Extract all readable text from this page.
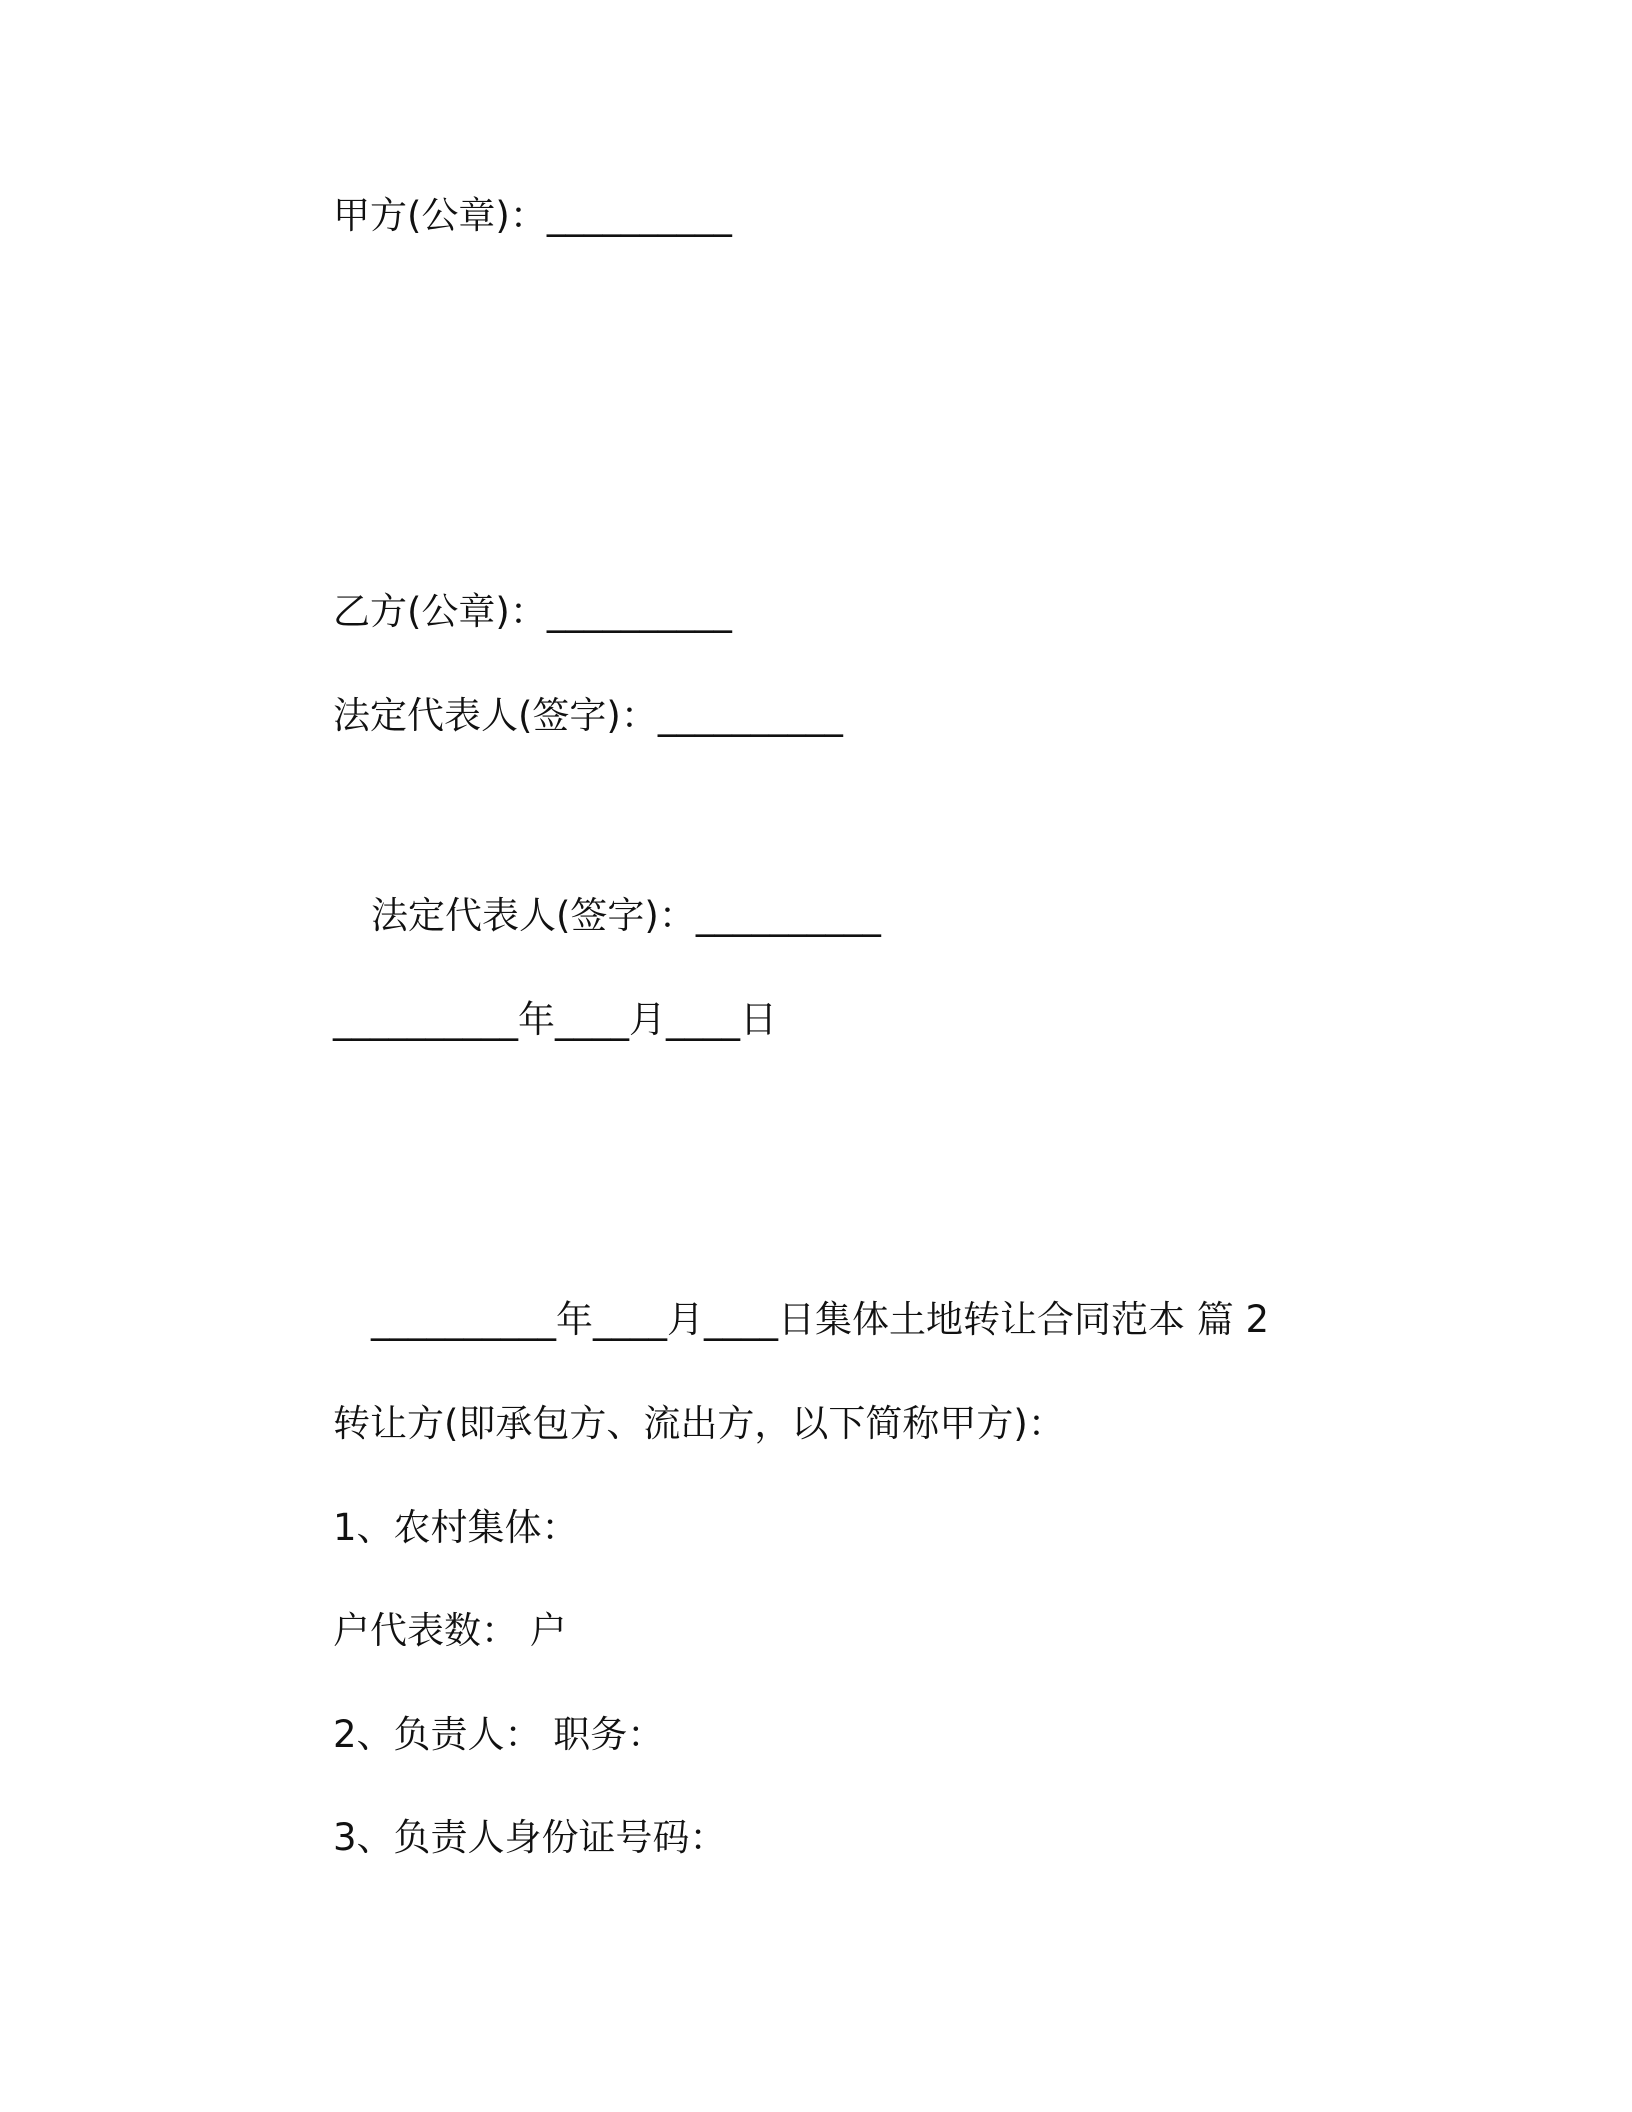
甲方(公章)：__________
乙方(公章)：__________
法定代表人(签字)：__________
法定代表人(签字)：__________
__________年____月____日
__________年____月____日集体土地转让合同范本 篇 2
转让方(即承包方、流出方，以下简称甲方)：
1、农村集体：
户代表数： 户
2、负责人： 职务：
3、负责人身份证号码：
